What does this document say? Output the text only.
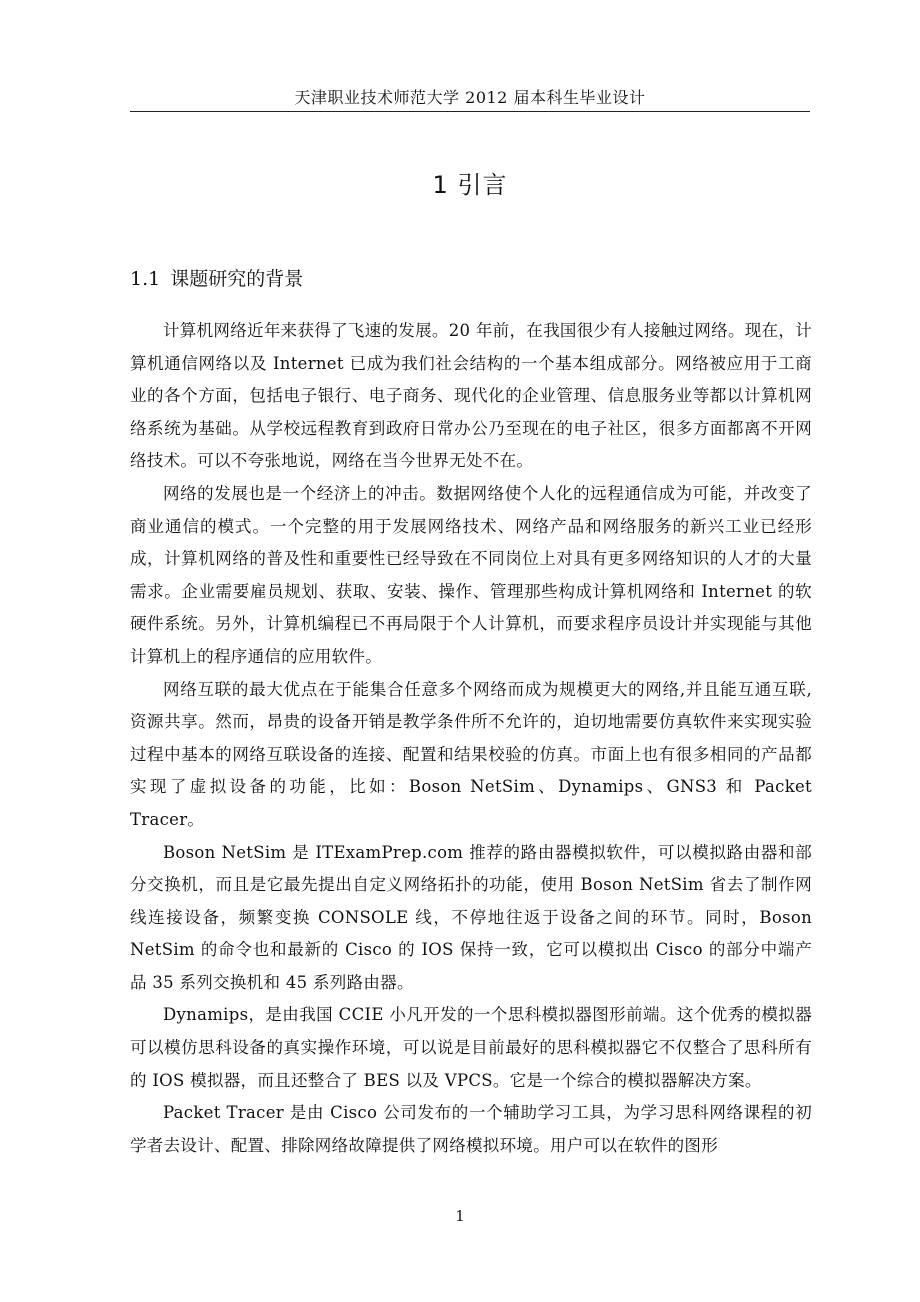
天津职业技术师范大学 2012 届本科生毕业设计
1 引言
1.1 课题研究的背景

计算机网络近年来获得了飞速的发展。20 年前，在我国很少有人接触过网络。现在，计算机通信网络以及 Internet 已成为我们社会结构的一个基本组成部分。网络被应用于工商业的各个方面，包括电子银行、电子商务、现代化的企业管理、信息服务业等都以计算机网络系统为基础。从学校远程教育到政府日常办公乃至现在的电子社区，很多方面都离不开网络技术。可以不夸张地说，网络在当今世界无处不在。

网络的发展也是一个经济上的冲击。数据网络使个人化的远程通信成为可能，并改变了商业通信的模式。一个完整的用于发展网络技术、网络产品和网络服务的新兴工业已经形成，计算机网络的普及性和重要性已经导致在不同岗位上对具有更多网络知识的人才的大量需求。企业需要雇员规划、获取、安装、操作、管理那些构成计算机网络和 Internet 的软硬件系统。另外，计算机编程已不再局限于个人计算机，而要求程序员设计并实现能与其他计算机上的程序通信的应用软件。

网络互联的最大优点在于能集合任意多个网络而成为规模更大的网络,并且能互通互联,资源共享。然而，昂贵的设备开销是教学条件所不允许的，迫切地需要仿真软件来实现实验过程中基本的网络互联设备的连接、配置和结果校验的仿真。市面上也有很多相同的产品都实现了虚拟设备的功能，比如：Boson NetSim、Dynamips、GNS3 和 Packet Tracer。

Boson NetSim 是 ITExamPrep.com 推荐的路由器模拟软件，可以模拟路由器和部分交换机，而且是它最先提出自定义网络拓扑的功能，使用 Boson NetSim 省去了制作网线连接设备，频繁变换 CONSOLE 线，不停地往返于设备之间的环节。同时，Boson NetSim 的命令也和最新的 Cisco 的 IOS 保持一致，它可以模拟出 Cisco 的部分中端产品 35 系列交换机和 45 系列路由器。

Dynamips，是由我国 CCIE 小凡开发的一个思科模拟器图形前端。这个优秀的模拟器可以模仿思科设备的真实操作环境，可以说是目前最好的思科模拟器它不仅整合了思科所有的 IOS 模拟器，而且还整合了 BES 以及 VPCS。它是一个综合的模拟器解决方案。

Packet Tracer 是由 Cisco 公司发布的一个辅助学习工具，为学习思科网络课程的初学者去设计、配置、排除网络故障提供了网络模拟环境。用户可以在软件的图形

1
